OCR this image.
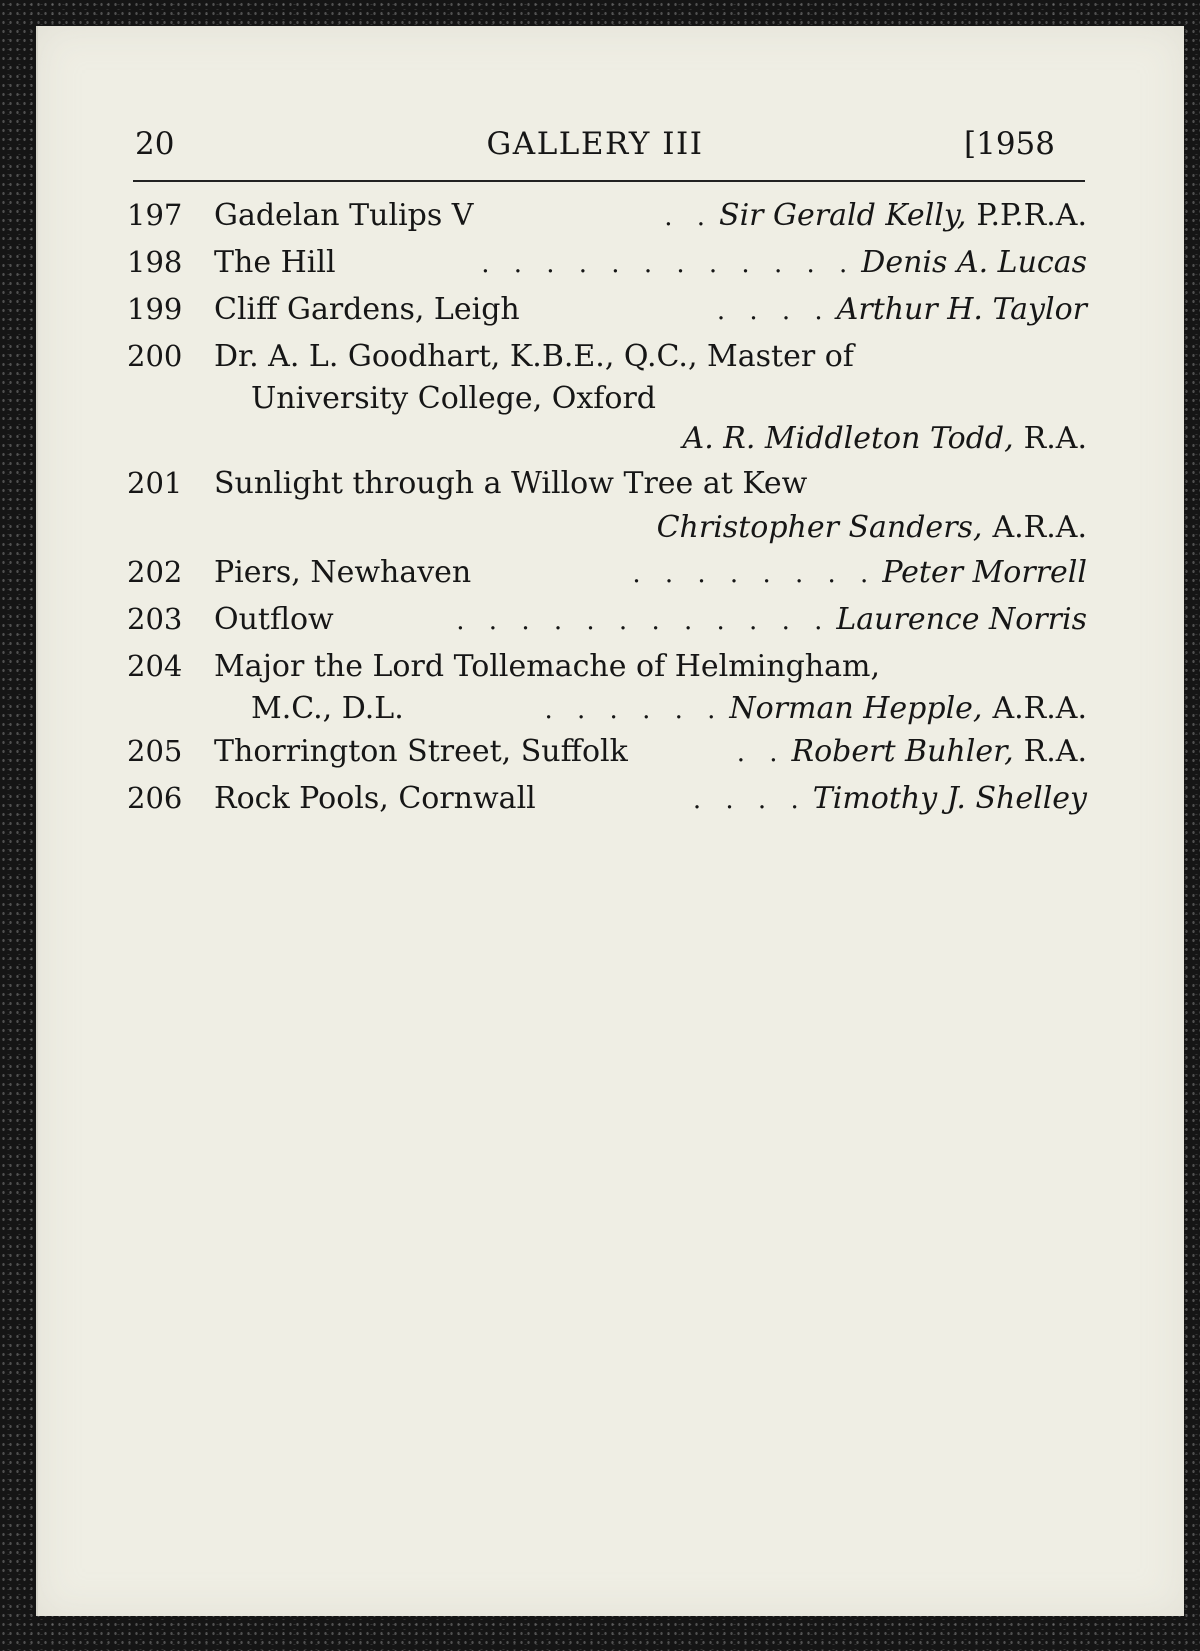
20	GALLERY III	[1958
197	Gadelan Tulips V	. . Sir Gerald Kelly, P.P.R.A.
198	The Hill	. . . . . . . . . . . . Denis A. Lucas
199	Cliff Gardens, Leigh	. . . . Arthur H. Taylor
200	Dr. A. L. Goodhart, K.B.E., Q.C., Master of
University College, Oxford
A. R. Middleton Todd, R.A.
201	Sunlight through a Willow Tree at Kew
Christopher Sanders, A.R.A.
202	Piers, Newhaven	. . . . . . . . Peter Morrell
203	Outflow	. . . . . . . . . . . . Laurence Norris
204	Major the Lord Tollemache of Helmingham,
M.C., D.L.	. . . . . . Norman Hepple, A.R.A.
205	Thorrington Street, Suffolk	. . Robert Buhler, R.A.
206	Rock Pools, Cornwall	. . . . Timothy J. Shelley
